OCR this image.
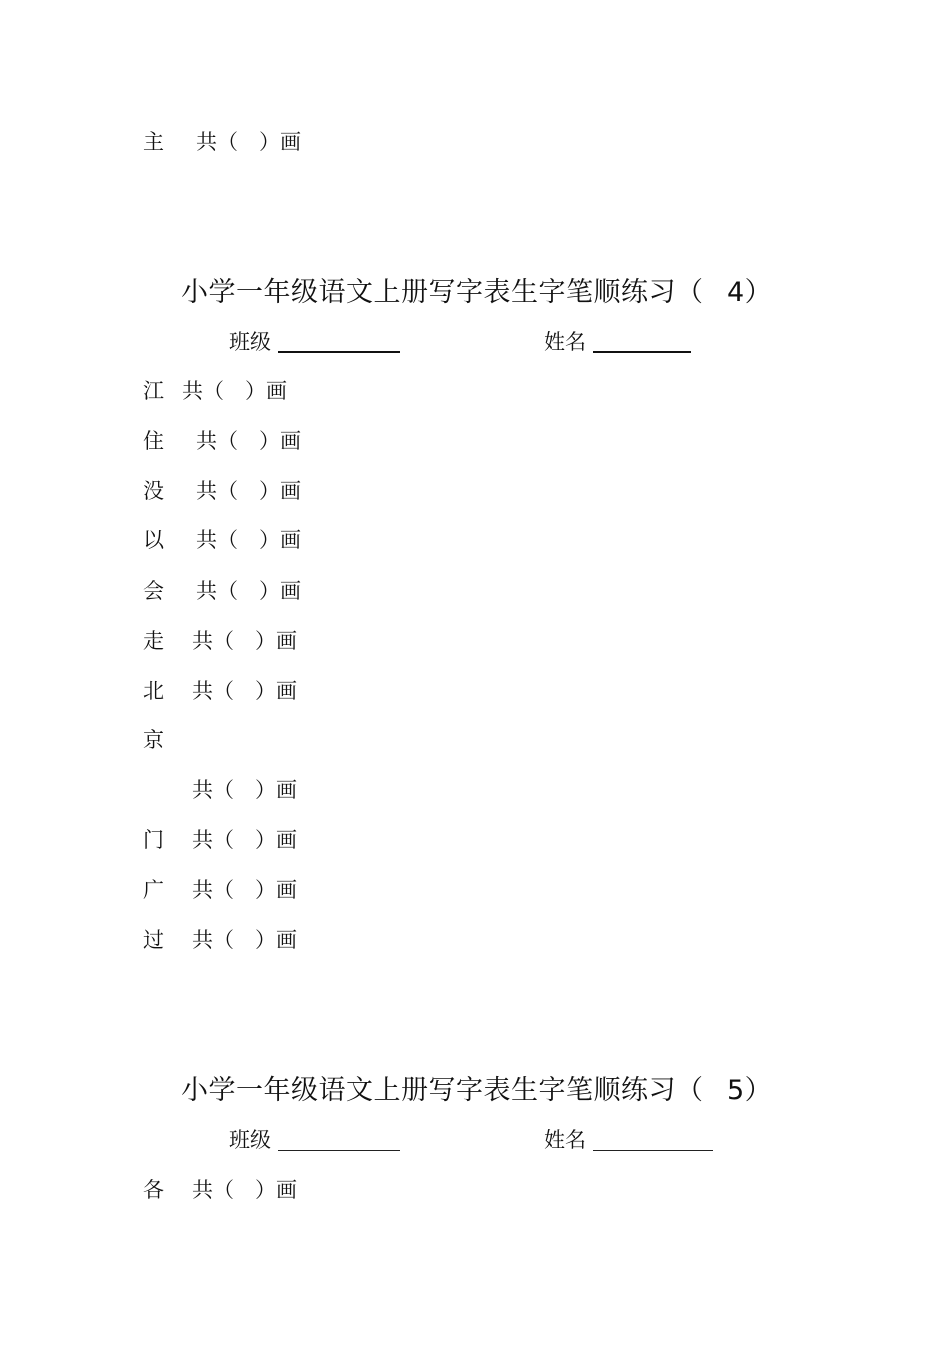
主 共（　）画
小学一年级语文上册写字表生字笔顺练习（ 4）
班级	姓名
江 共（　）画
住 共（　）画
没 共（　）画
以 共（　）画
会 共（　）画
走 共（　）画
北 共（　）画
京
共（　）画
门 共（　）画
广 共（　）画
过 共（　）画
小学一年级语文上册写字表生字笔顺练习（ 5）
班级	姓名
各 共（　）画
